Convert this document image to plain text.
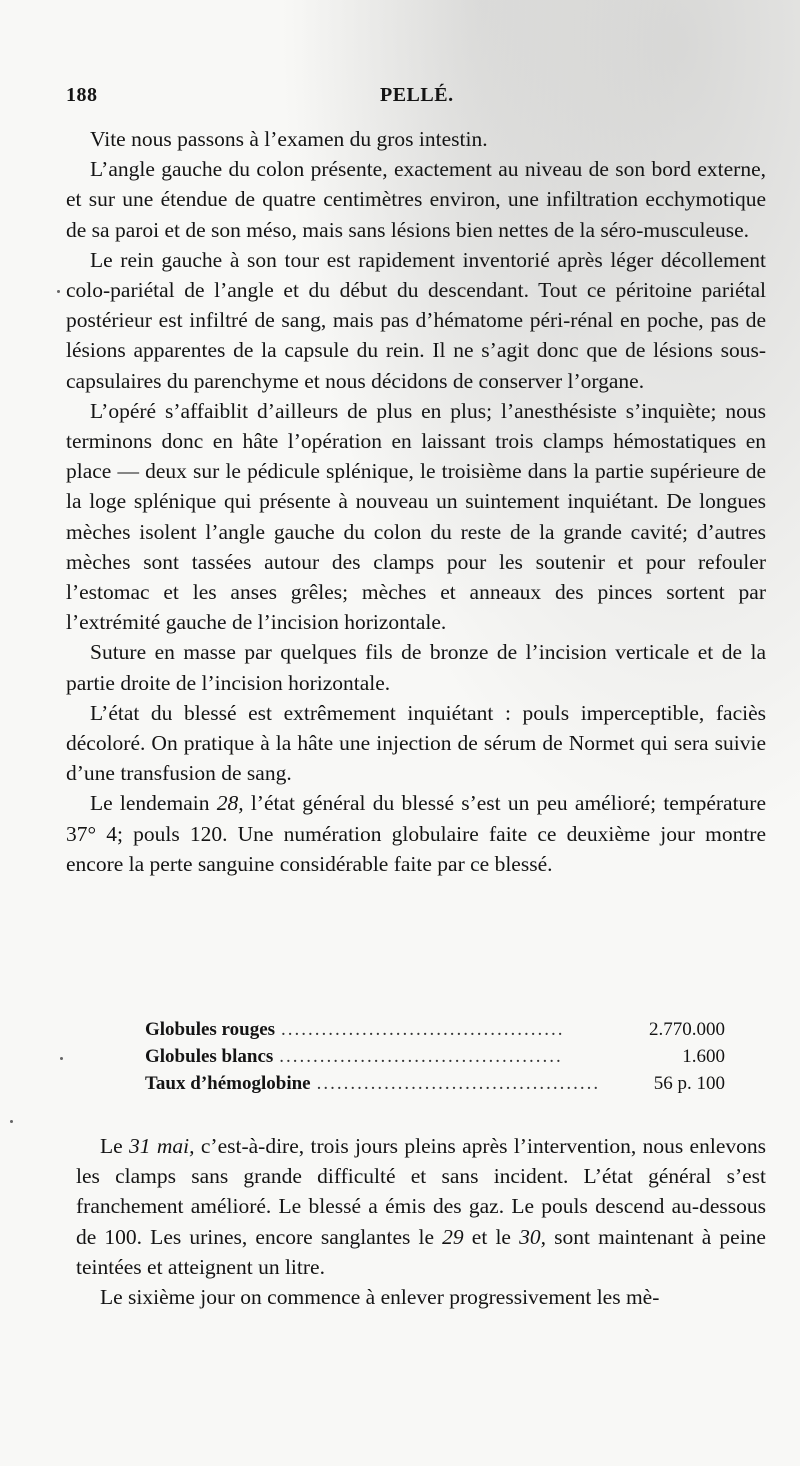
188	PELLÉ.

Vite nous passons à l’examen du gros intestin.

L’angle gauche du colon présente, exactement au niveau de son bord externe, et sur une étendue de quatre centimètres environ, une infiltration ecchymotique de sa paroi et de son méso, mais sans lésions bien nettes de la séro-musculeuse.

Le rein gauche à son tour est rapidement inventorié après léger décollement colo-pariétal de l’angle et du début du descendant. Tout ce péritoine pariétal postérieur est infiltré de sang, mais pas d’hématome péri-rénal en poche, pas de lésions apparentes de la capsule du rein. Il ne s’agit donc que de lésions sous-capsulaires du parenchyme et nous décidons de conserver l’organe.

L’opéré s’affaiblit d’ailleurs de plus en plus; l’anesthésiste s’inquiète; nous terminons donc en hâte l’opération en laissant trois clamps hémostatiques en place — deux sur le pédicule splénique, le troisième dans la partie supérieure de la loge splénique qui présente à nouveau un suintement inquiétant. De longues mèches isolent l’angle gauche du colon du reste de la grande cavité; d’autres mèches sont tassées autour des clamps pour les soutenir et pour refouler l’estomac et les anses grêles; mèches et anneaux des pinces sortent par l’extrémité gauche de l’incision horizontale.

Suture en masse par quelques fils de bronze de l’incision verticale et de la partie droite de l’incision horizontale.

L’état du blessé est extrêmement inquiétant : pouls imperceptible, faciès décoloré. On pratique à la hâte une injection de sérum de Normet qui sera suivie d’une transfusion de sang.

Le lendemain 28, l’état général du blessé s’est un peu amélioré; température 37° 4; pouls 120. Une numération globulaire faite ce deuxième jour montre encore la perte sanguine considérable faite par ce blessé.

Globules rouges ..........................................	2.770.000
Globules blancs ..........................................	1.600
Taux d’hémoglobine ..........................................	56 p. 100

Le 31 mai, c’est-à-dire, trois jours pleins après l’intervention, nous enlevons les clamps sans grande difficulté et sans incident. L’état général s’est franchement amélioré. Le blessé a émis des gaz. Le pouls descend au-dessous de 100. Les urines, encore sanglantes le 29 et le 30, sont maintenant à peine teintées et atteignent un litre.

Le sixième jour on commence à enlever progressivement les mè-
